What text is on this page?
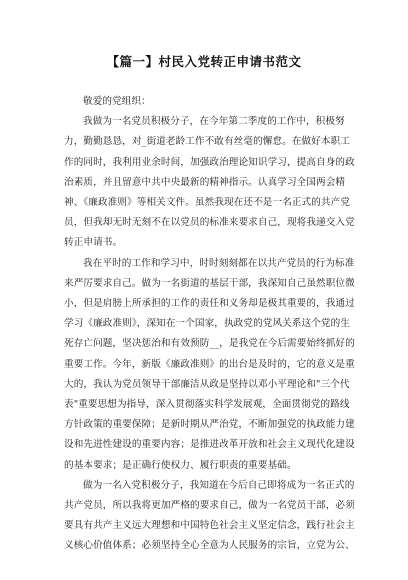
【篇一】村民入党转正申请书范文

敬爱的党组织：

我做为一名党员积极分子，在今年第二季度的工作中，积极努

力，勤勤恳恳，对_街道老龄工作不敢有丝毫的懈怠。在做好本职工

作的同时，我利用业余时间，加强政治理论知识学习，提高自身的政

治素质，并且留意中共中央最新的精神指示。认真学习全国两会精

神、《廉政准则》等相关文件。虽然我现在还不是一名正式的共产党

员，但我却无时无刻不在以党员的标准来要求自己，现将我递交入党

转正申请书。

我在平时的工作和学习中，时时刻刻都在以共产党员的行为标准

来严厉要求自己。做为一名街道的基层干部，我深知自己虽然职位微

小，但是肩膀上所承担的工作的责任和义务却是极其重要的，我通过

学习《廉政准则》，深知在一个国家，执政党的党风关系这个党的生

死存亡问题，坚决惩治和有效预防__，是我党在今后需要始终抓好的

重要工作。今年，新版《廉政准则》的出台是及时的，它的意义是重

大的，我认为党员领导干部廉洁从政是坚持以邓小平理论和"三个代

表"重要思想为指导，深入贯彻落实科学发展观，全面贯彻党的路线

方针政策的重要保障；是新时期从严治党，不断加强党的执政能力建

设和先进性建设的重要内容；是推进改革开放和社会主义现代化建设

的基本要求；是正确行使权力、履行职责的重要基础。

做为一名入党积极分子，我知道在今后自己即将成为一名正式的

共产党员，所以我将更加严格的要求自己，做为一名党员干部，必须

要具有共产主义远大理想和中国特色社会主义坚定信念，践行社会主

义核心价值体系；必须坚持全心全意为人民服务的宗旨，立党为公、
